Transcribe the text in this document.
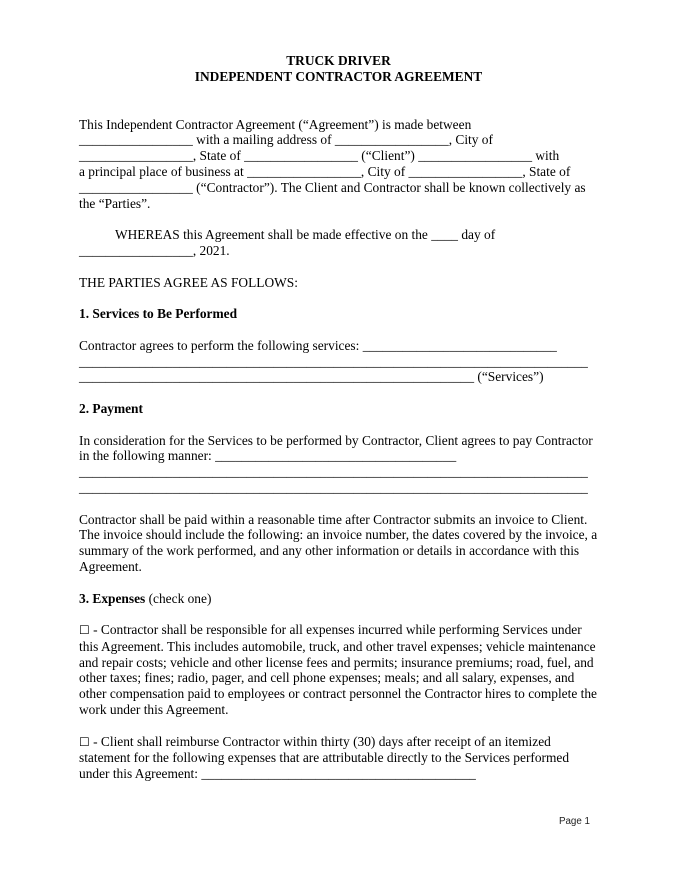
TRUCK DRIVER
INDEPENDENT CONTRACTOR AGREEMENT
This Independent Contractor Agreement (“Agreement”) is made between
_________________ with a mailing address of _________________, City of
_________________, State of _________________ (“Client”) _________________ with
a principal place of business at _________________, City of _________________, State of
_________________ (“Contractor”). The Client and Contractor shall be known collectively as
the “Parties”.
WHEREAS this Agreement shall be made effective on the ____ day of
_________________, 2021.
THE PARTIES AGREE AS FOLLOWS:
1. Services to Be Performed
Contractor agrees to perform the following services: _____________________________
____________________________________________________________________________
___________________________________________________________ (“Services”)
2. Payment
In consideration for the Services to be performed by Contractor, Client agrees to pay Contractor
in the following manner: ____________________________________
____________________________________________________________________________
____________________________________________________________________________
Contractor shall be paid within a reasonable time after Contractor submits an invoice to Client.
The invoice should include the following: an invoice number, the dates covered by the invoice, a
summary of the work performed, and any other information or details in accordance with this
Agreement.
3. Expenses (check one)
☐ - Contractor shall be responsible for all expenses incurred while performing Services under
this Agreement. This includes automobile, truck, and other travel expenses; vehicle maintenance
and repair costs; vehicle and other license fees and permits; insurance premiums; road, fuel, and
other taxes; fines; radio, pager, and cell phone expenses; meals; and all salary, expenses, and
other compensation paid to employees or contract personnel the Contractor hires to complete the
work under this Agreement.
☐ - Client shall reimburse Contractor within thirty (30) days after receipt of an itemized
statement for the following expenses that are attributable directly to the Services performed
under this Agreement: _________________________________________
Page 1
